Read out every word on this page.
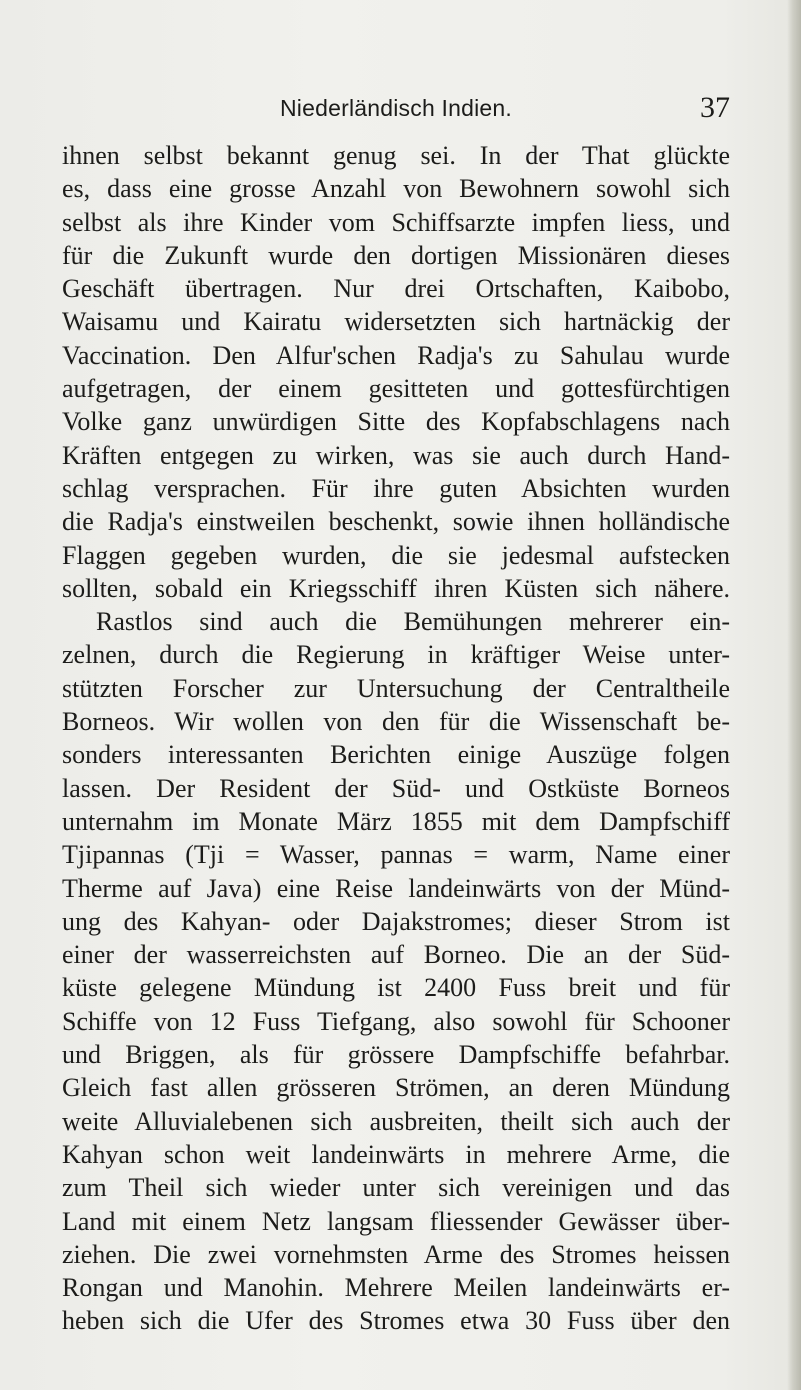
Niederländisch Indien.	37
ihnen selbst bekannt genug sei. In der That glückte
es, dass eine grosse Anzahl von Bewohnern sowohl sich
selbst als ihre Kinder vom Schiffsarzte impfen liess, und
für die Zukunft wurde den dortigen Missionären dieses
Geschäft übertragen. Nur drei Ortschaften, Kaibobo,
Waisamu und Kairatu widersetzten sich hartnäckig der
Vaccination. Den Alfur'schen Radja's zu Sahulau wurde
aufgetragen, der einem gesitteten und gottesfürchtigen
Volke ganz unwürdigen Sitte des Kopfabschlagens nach
Kräften entgegen zu wirken, was sie auch durch Hand-
schlag versprachen. Für ihre guten Absichten wurden
die Radja's einstweilen beschenkt, sowie ihnen holländische
Flaggen gegeben wurden, die sie jedesmal aufstecken
sollten, sobald ein Kriegsschiff ihren Küsten sich nähere.
Rastlos sind auch die Bemühungen mehrerer ein-
zelnen, durch die Regierung in kräftiger Weise unter-
stützten Forscher zur Untersuchung der Centraltheile
Borneos. Wir wollen von den für die Wissenschaft be-
sonders interessanten Berichten einige Auszüge folgen
lassen. Der Resident der Süd- und Ostküste Borneos
unternahm im Monate März 1855 mit dem Dampfschiff
Tjipannas (Tji = Wasser, pannas = warm, Name einer
Therme auf Java) eine Reise landeinwärts von der Münd-
ung des Kahyan- oder Dajakstromes; dieser Strom ist
einer der wasserreichsten auf Borneo. Die an der Süd-
küste gelegene Mündung ist 2400 Fuss breit und für
Schiffe von 12 Fuss Tiefgang, also sowohl für Schooner
und Briggen, als für grössere Dampfschiffe befahrbar.
Gleich fast allen grösseren Strömen, an deren Mündung
weite Alluvialebenen sich ausbreiten, theilt sich auch der
Kahyan schon weit landeinwärts in mehrere Arme, die
zum Theil sich wieder unter sich vereinigen und das
Land mit einem Netz langsam fliessender Gewässer über-
ziehen. Die zwei vornehmsten Arme des Stromes heissen
Rongan und Manohin. Mehrere Meilen landeinwärts er-
heben sich die Ufer des Stromes etwa 30 Fuss über den
